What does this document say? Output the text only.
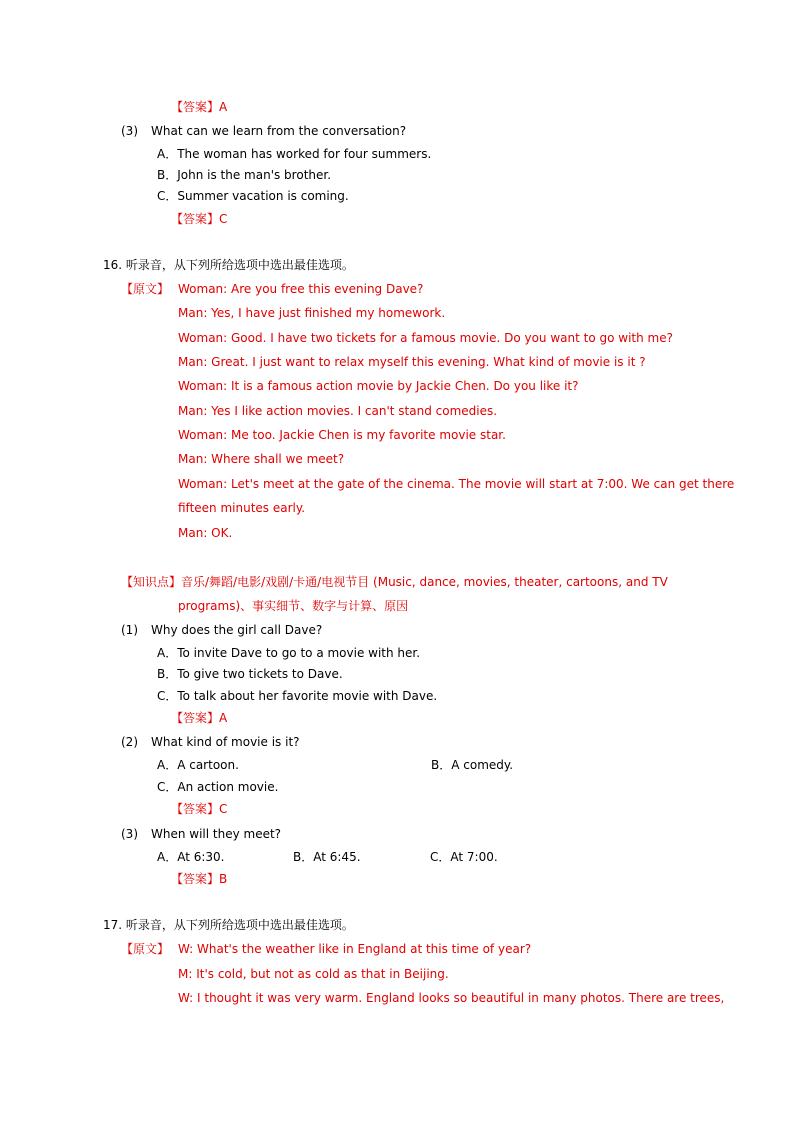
【答案】A
(3) What can we learn from the conversation?
A．The woman has worked for four summers.
B．John is the man's brother.
C．Summer vacation is coming.
【答案】C
16. 听录音，从下列所给选项中选出最佳选项。
【原文】 Woman: Are you free this evening Dave?
Man: Yes, I have just finished my homework.
Woman: Good. I have two tickets for a famous movie. Do you want to go with me?
Man: Great. I just want to relax myself this evening. What kind of movie is it ?
Woman: It is a famous action movie by Jackie Chen. Do you like it?
Man: Yes I like action movies. I can't stand comedies.
Woman: Me too. Jackie Chen is my favorite movie star.
Man: Where shall we meet?
Woman: Let's meet at the gate of the cinema. The movie will start at 7:00. We can get there
fifteen minutes early.
Man: OK.
【知识点】音乐/舞蹈/电影/戏剧/卡通/电视节目 (Music, dance, movies, theater, cartoons, and TV
programs)、事实细节、数字与计算、原因
(1) Why does the girl call Dave?
A．To invite Dave to go to a movie with her.
B．To give two tickets to Dave.
C．To talk about her favorite movie with Dave.
【答案】A
(2) What kind of movie is it?
A．A cartoon.	B．A comedy.
C．An action movie.
【答案】C
(3) When will they meet?
A．At 6:30.	B．At 6:45.	C．At 7:00.
【答案】B
17. 听录音，从下列所给选项中选出最佳选项。
【原文】 W: What's the weather like in England at this time of year?
M: It's cold, but not as cold as that in Beijing.
W: I thought it was very warm. England looks so beautiful in many photos. There are trees,
